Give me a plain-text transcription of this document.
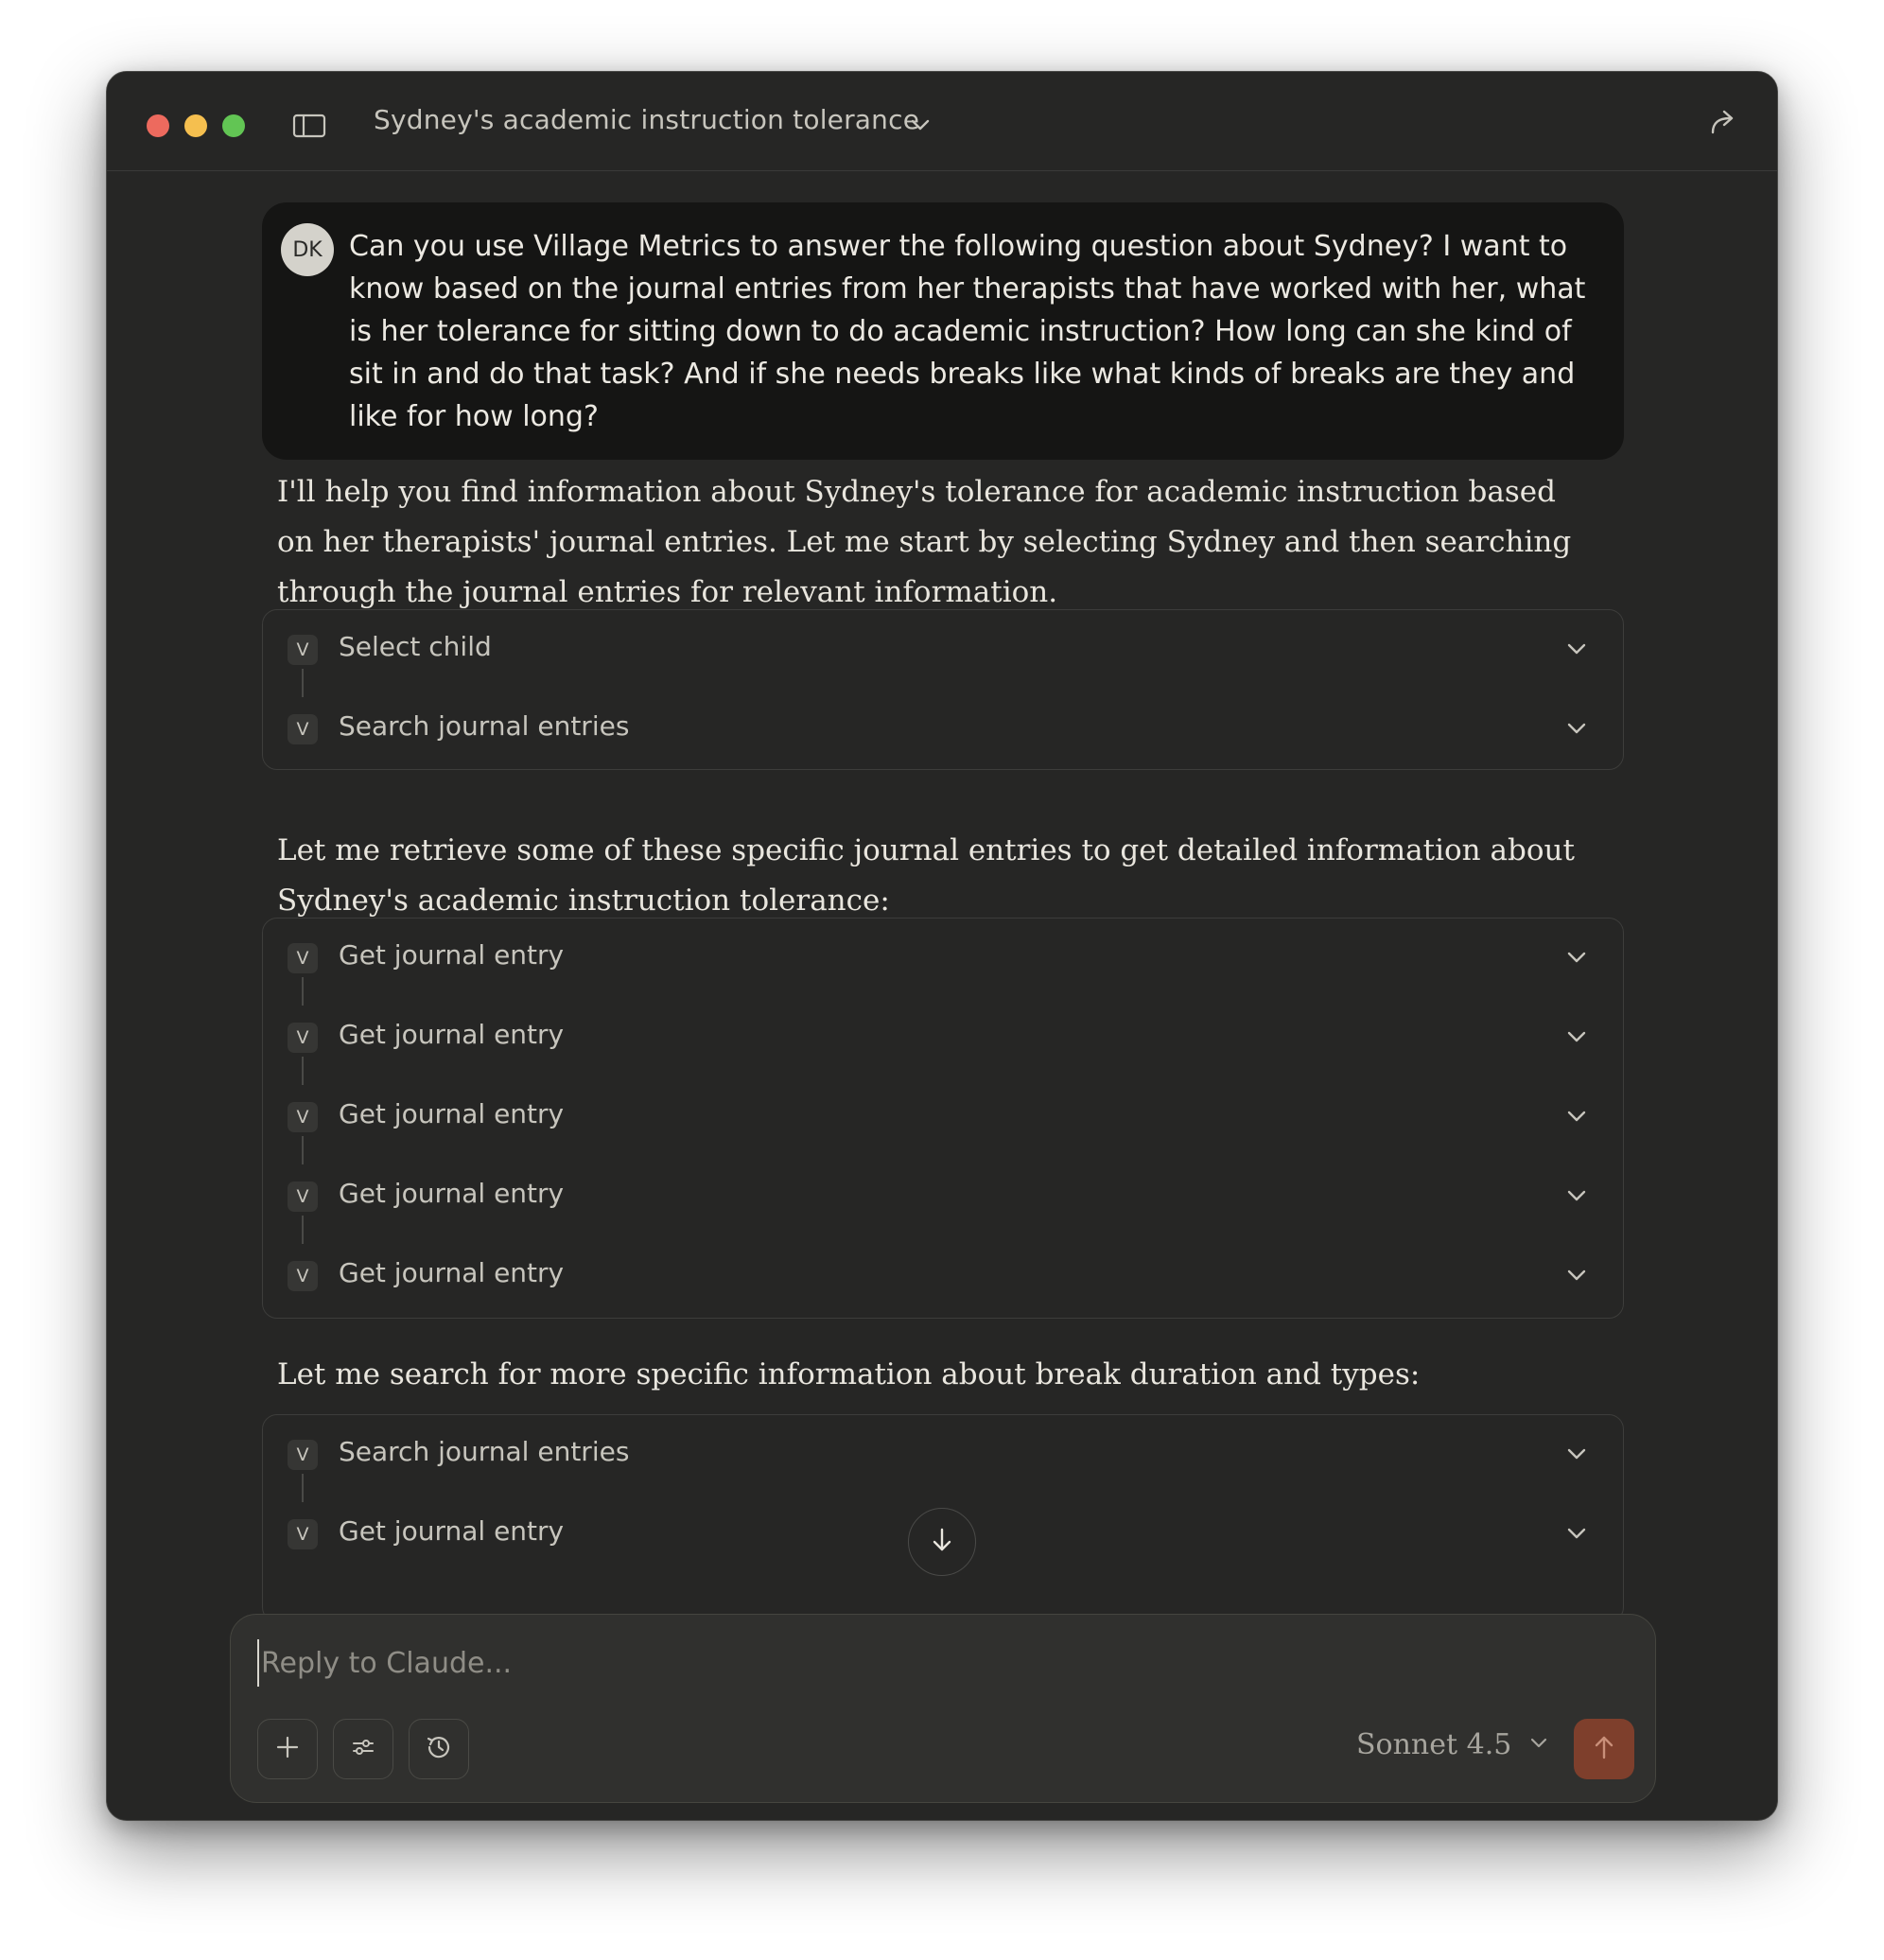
Sydney's academic instruction tolerance
DK Can you use Village Metrics to answer the following question about Sydney? I want to know based on the journal entries from her therapists that have worked with her, what is her tolerance for sitting down to do academic instruction? How long can she kind of sit in and do that task? And if she needs breaks like what kinds of breaks are they and like for how long?
I'll help you find information about Sydney's tolerance for academic instruction based on her therapists' journal entries. Let me start by selecting Sydney and then searching through the journal entries for relevant information.
V	Select child
V	Search journal entries
Let me retrieve some of these specific journal entries to get detailed information about Sydney's academic instruction tolerance:
V	Get journal entry
V	Get journal entry
V	Get journal entry
V	Get journal entry
V	Get journal entry
Let me search for more specific information about break duration and types:
V	Search journal entries
V	Get journal entry
Reply to Claude...
Sonnet 4.5
